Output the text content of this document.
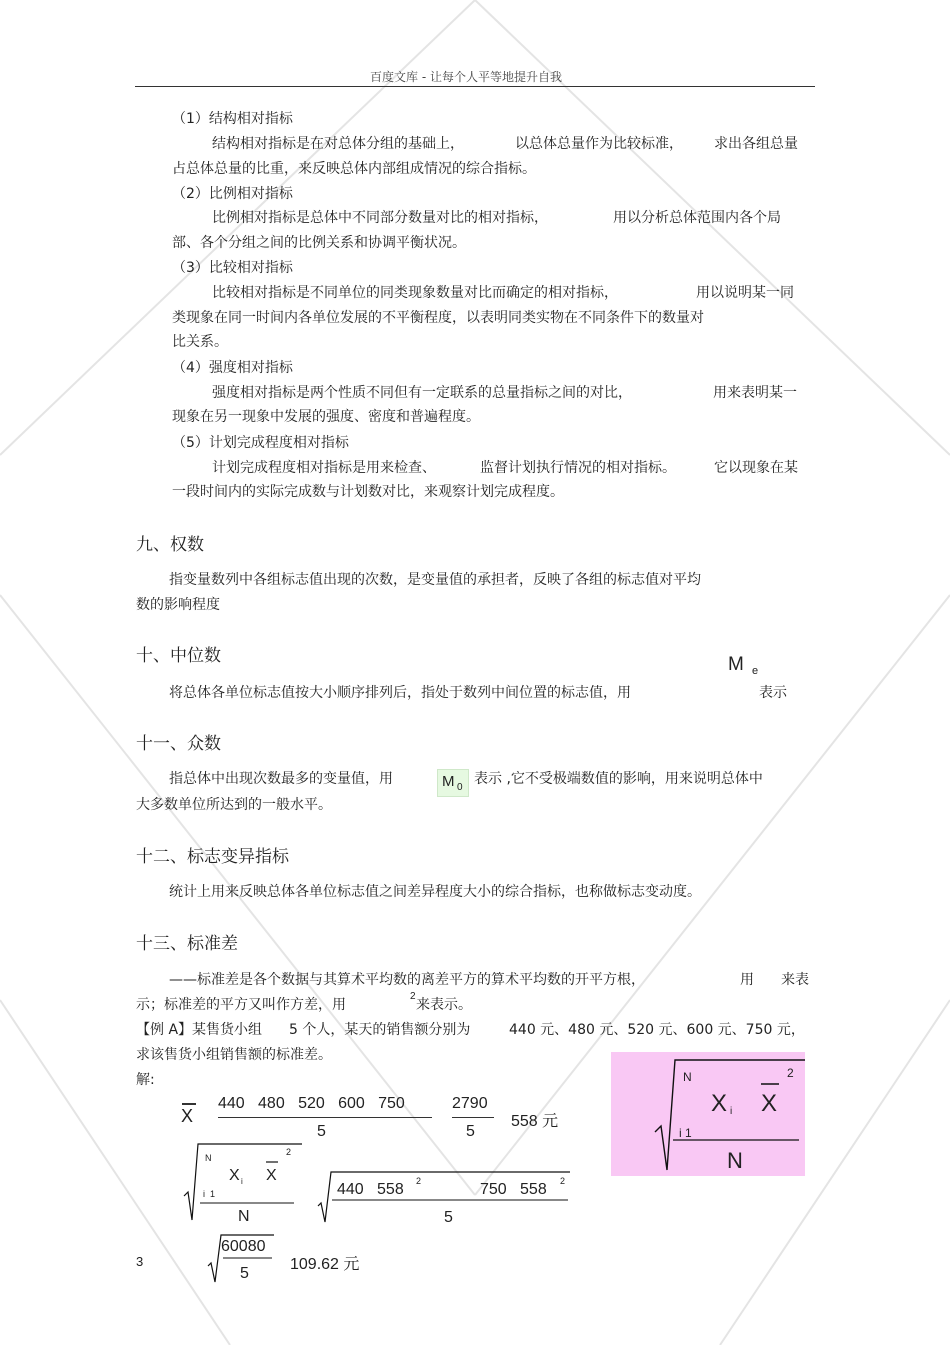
百度文库 - 让每个人平等地提升自我
（1）结构相对指标
结构相对指标是在对总体分组的基础上，	以总体总量作为比较标准， 求出各组总量
占总体总量的比重，来反映总体内部组成情况的综合指标。
（2）比例相对指标
比例相对指标是总体中不同部分数量对比的相对指标，	用以分析总体范围内各个局
部、各个分组之间的比例关系和协调平衡状况。
（3）比较相对指标
比较相对指标是不同单位的同类现象数量对比而确定的相对指标，	用以说明某一同
类现象在同一时间内各单位发展的不平衡程度，以表明同类实物在不同条件下的数量对
比关系。
（4）强度相对指标
强度相对指标是两个性质不同但有一定联系的总量指标之间的对比，	用来表明某一
现象在另一现象中发展的强度、密度和普遍程度。
（5）计划完成程度相对指标
计划完成程度相对指标是用来检查、	监督计划执行情况的相对指标。	它以现象在某
一段时间内的实际完成数与计划数对比，来观察计划完成程度。
九、权数
指变量数列中各组标志值出现的次数，是变量值的承担者，反映了各组的标志值对平均
数的影响程度
十、中位数	M e
将总体各单位标志值按大小顺序排列后，指处于数列中间位置的标志值，用	表示
十一、众数
指总体中出现次数最多的变量值，用	M 0
表示 ,它不受极端数值的影响，用来说明总体中
大多数单位所达到的一般水平。
十二、标志变异指标
统计上用来反映总体各单位标志值之间差异程度大小的综合指标，也称做标志变动度。
十三、标准差
——标准差是各个数据与其算术平均数的离差平方的算术平均数的开平方根，	用 来表
示；标准差的平方又叫作方差，用
2
来表示。
【例 A】某售货小组 5 个人，某天的销售额分别为	440 元、480 元、520 元、600 元、750 元，
求该售货小组销售额的标准差。
解:	N	2
X i X
i 1
N
X
440   480   520   600   750
5
2790
5
558 元
N
X i X
2
i  1
N
440   558 2	750   558 2
5
60080
5
109.62 元
3
